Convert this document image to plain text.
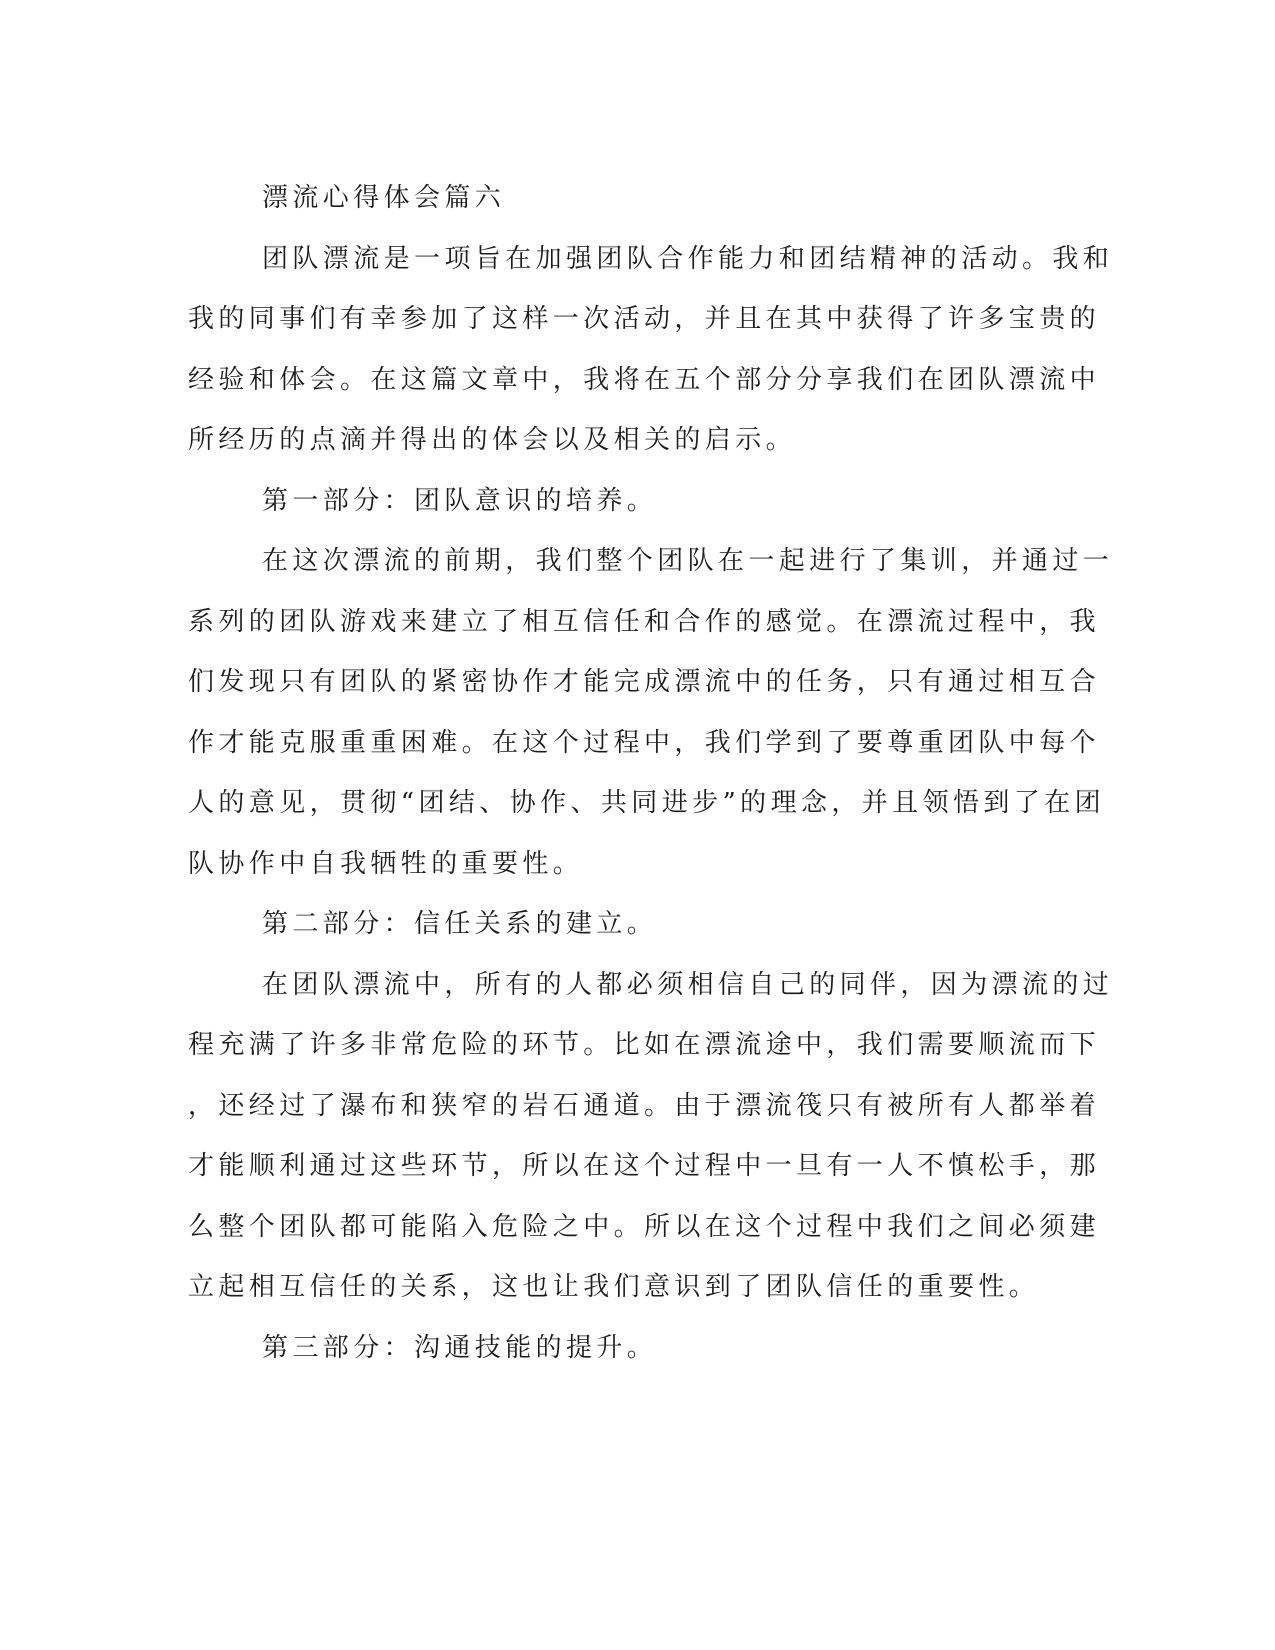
漂流心得体会篇六

团队漂流是一项旨在加强团队合作能力和团结精神的活动。我和
我的同事们有幸参加了这样一次活动，并且在其中获得了许多宝贵的
经验和体会。在这篇文章中，我将在五个部分分享我们在团队漂流中
所经历的点滴并得出的体会以及相关的启示。

第一部分：团队意识的培养。

在这次漂流的前期，我们整个团队在一起进行了集训，并通过一
系列的团队游戏来建立了相互信任和合作的感觉。在漂流过程中，我
们发现只有团队的紧密协作才能完成漂流中的任务，只有通过相互合
作才能克服重重困难。在这个过程中，我们学到了要尊重团队中每个
人的意见，贯彻“团结、协作、共同进步”的理念，并且领悟到了在团
队协作中自我牺牲的重要性。

第二部分：信任关系的建立。

在团队漂流中，所有的人都必须相信自己的同伴，因为漂流的过
程充满了许多非常危险的环节。比如在漂流途中，我们需要顺流而下
，还经过了瀑布和狭窄的岩石通道。由于漂流筏只有被所有人都举着
才能顺利通过这些环节，所以在这个过程中一旦有一人不慎松手，那
么整个团队都可能陷入危险之中。所以在这个过程中我们之间必须建
立起相互信任的关系，这也让我们意识到了团队信任的重要性。

第三部分：沟通技能的提升。
